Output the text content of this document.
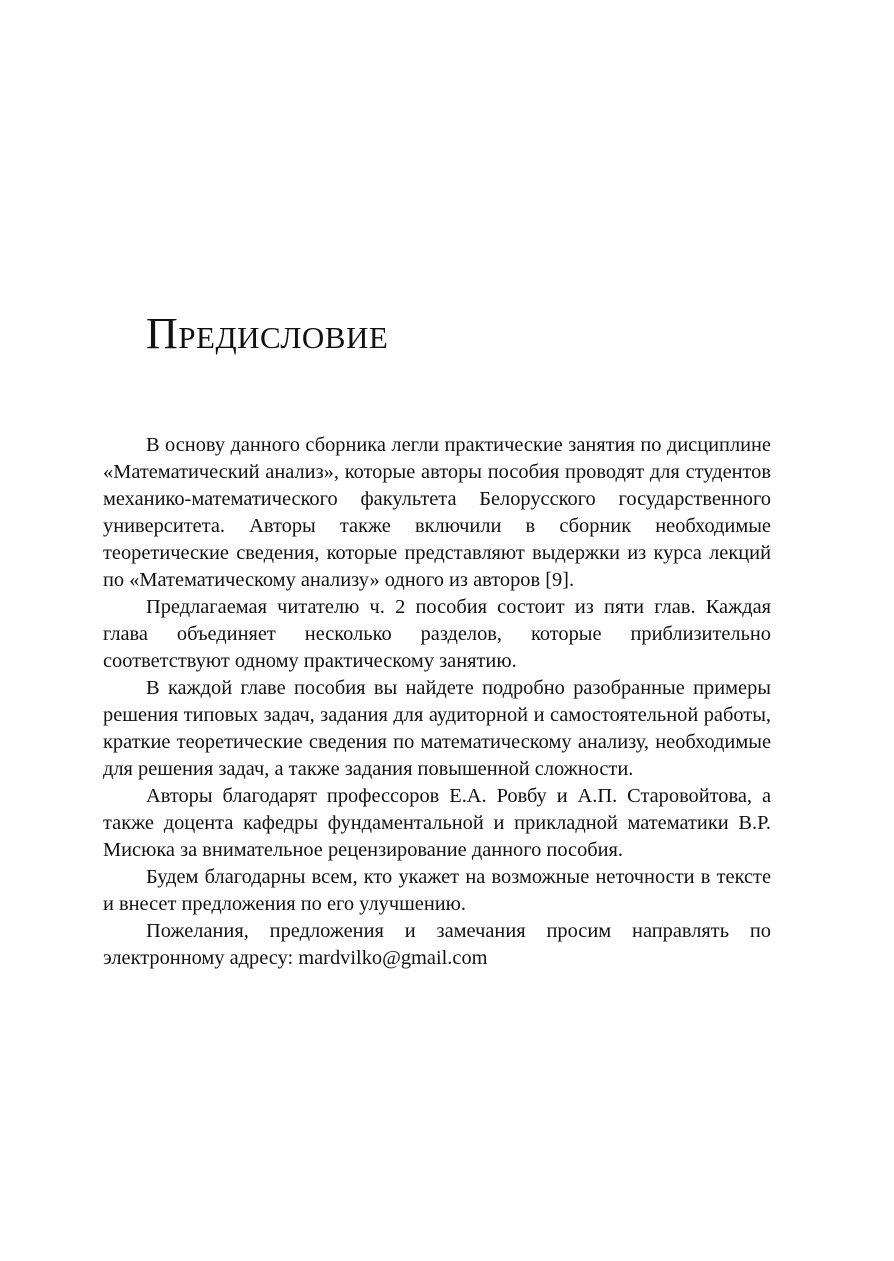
Предисловие

В основу данного сборника легли практические занятия по дисциплине «Математический анализ», которые авторы пособия проводят для студентов механико-математического факультета Белорусского государственного университета. Авторы также включили в сборник необходимые теоретические сведения, которые представляют выдержки из курса лекций по «Математическому анализу» одного из авторов [9].

Предлагаемая читателю ч. 2 пособия состоит из пяти глав. Каждая глава объединяет несколько разделов, которые приблизительно соответствуют одному практическому занятию.

В каждой главе пособия вы найдете подробно разобранные примеры решения типовых задач, задания для аудиторной и самостоятельной работы, краткие теоретические сведения по математическому анализу, необходимые для решения задач, а также задания повышенной сложности.

Авторы благодарят профессоров Е.А. Ровбу и А.П. Старовойтова, а также доцента кафедры фундаментальной и прикладной математики В.Р. Мисюка за внимательное рецензирование данного пособия.

Будем благодарны всем, кто укажет на возможные неточности в тексте и внесет предложения по его улучшению.

Пожелания, предложения и замечания просим направлять по электронному адресу: mardvilko@gmail.com
